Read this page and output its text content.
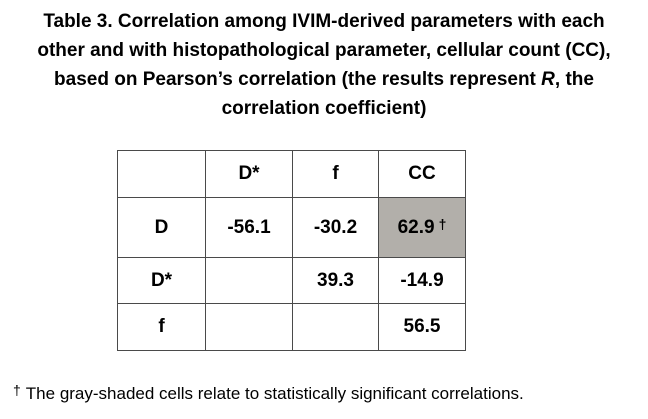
Table 3. Correlation among IVIM-derived parameters with each
other and with histopathological parameter, cellular count (CC),
based on Pearson’s correlation (the results represent R, the
correlation coefficient)
	D*	f	CC
D	-56.1	-30.2	62.9 †
D*		39.3	-14.9
f			56.5
† The gray-shaded cells relate to statistically significant correlations.
